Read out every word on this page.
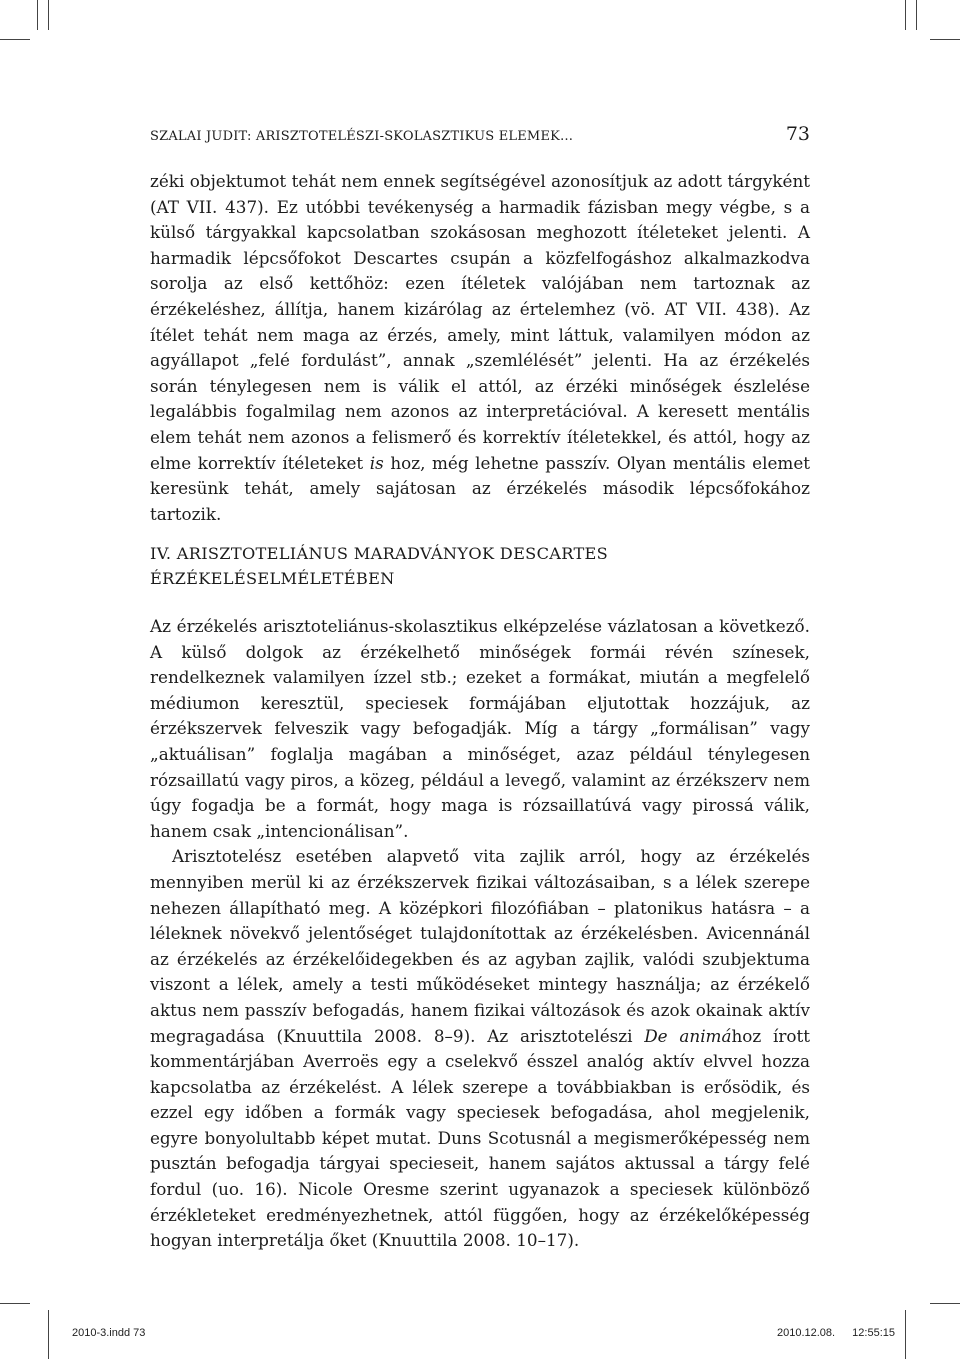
SZALAI JUDIT: ARISZTOTELÉSZI-SKOLASZTIKUS ELEMEK…	73

zéki objektumot tehát nem ennek segítségével azonosítjuk az adott tárgyként (AT VII. 437). Ez utóbbi tevékenység a harmadik fázisban megy végbe, s a külső tárgyakkal kapcsolatban szokásosan meghozott ítéleteket jelenti. A harmadik lépcsőfokot Descartes csupán a közfelfogáshoz alkalmazkodva sorolja az első kettőhöz: ezen ítéletek valójában nem tartoznak az érzékeléshez, állítja, hanem kizárólag az értelemhez (vö. AT VII. 438). Az ítélet tehát nem maga az érzés, amely, mint láttuk, valamilyen módon az agyállapot „felé fordulást”, annak „szemlélését” jelenti. Ha az érzékelés során ténylegesen nem is válik el attól, az érzéki minőségek észlelése legalábbis fogalmilag nem azonos az interpretációval. A keresett mentális elem tehát nem azonos a felismerő és korrektív ítéletekkel, és attól, hogy az elme korrektív ítéleteket is hoz, még lehetne passzív. Olyan mentális elemet keresünk tehát, amely sajátosan az érzékelés második lépcsőfokához tartozik.

IV. ARISZTOTELIÁNUS MARADVÁNYOK DESCARTES
ÉRZÉKELÉSELMÉLETÉBEN

Az érzékelés arisztoteliánus-skolasztikus elképzelése vázlatosan a következő. A külső dolgok az érzékelhető minőségek formái révén színesek, rendelkeznek valamilyen ízzel stb.; ezeket a formákat, miután a megfelelő médiumon keresztül, speciesek formájában eljutottak hozzájuk, az érzékszervek felveszik vagy befogadják. Míg a tárgy „formálisan” vagy „aktuálisan” foglalja magában a minőséget, azaz például ténylegesen rózsaillatú vagy piros, a közeg, például a levegő, valamint az érzékszerv nem úgy fogadja be a formát, hogy maga is rózsaillatúvá vagy pirossá válik, hanem csak „intencionálisan”.

Arisztotelész esetében alapvető vita zajlik arról, hogy az érzékelés mennyiben merül ki az érzékszervek fizikai változásaiban, s a lélek szerepe nehezen állapítható meg. A középkori filozófiában – platonikus hatásra – a léleknek növekvő jelentőséget tulajdonítottak az érzékelésben. Avicennánál az érzékelés az érzékelőidegekben és az agyban zajlik, valódi szubjektuma viszont a lélek, amely a testi működéseket mintegy használja; az érzékelő aktus nem passzív befogadás, hanem fizikai változások és azok okainak aktív megragadása (Knuuttila 2008. 8–9). Az arisztotelészi De animához írott kommentárjában Averroës egy a cselekvő ésszel analóg aktív elvvel hozza kapcsolatba az érzékelést. A lélek szerepe a továbbiakban is erősödik, és ezzel egy időben a formák vagy speciesek befogadása, ahol megjelenik, egyre bonyolultabb képet mutat. Duns Scotusnál a megismerőképesség nem pusztán befogadja tárgyai specieseit, hanem sajátos aktussal a tárgy felé fordul (uo. 16). Nicole Oresme szerint ugyanazok a speciesek különböző érzékleteket eredményezhetnek, attól függően, hogy az érzékelőképesség hogyan interpretálja őket (Knuuttila 2008. 10–17).

2010-3.indd 73	2010.12.08. 12:55:15
